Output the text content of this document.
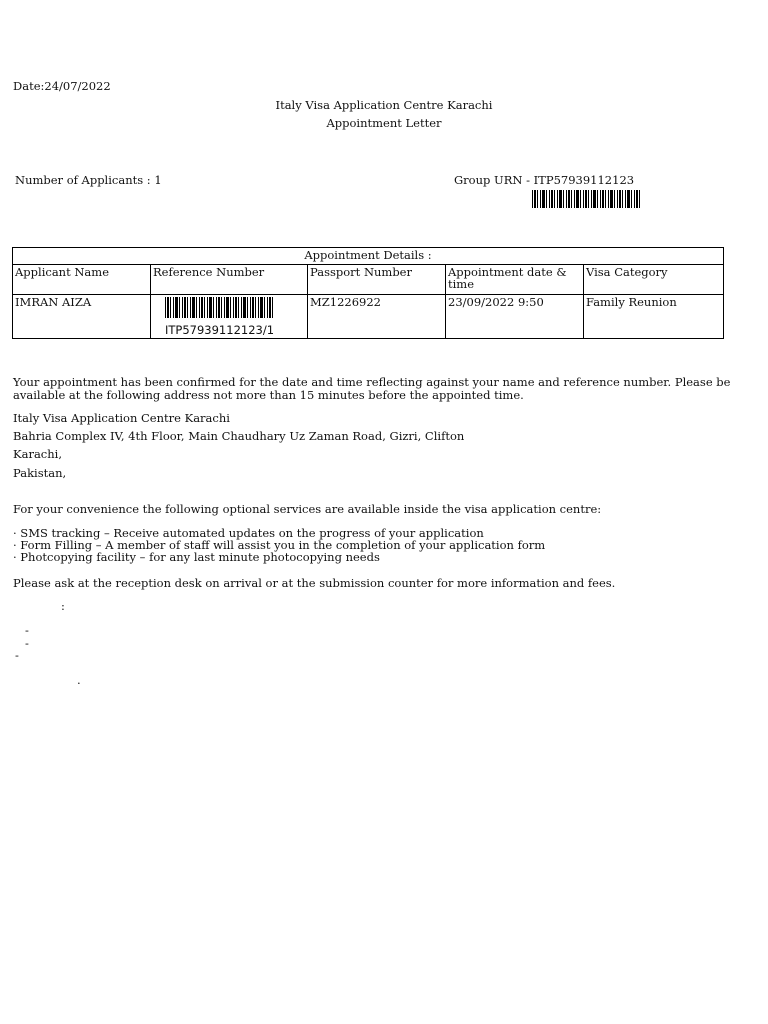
Date:24/07/2022
Italy Visa Application Centre Karachi
Appointment Letter
Number of Applicants : 1	Group URN - ITP57939112123
Appointment Details :				
Applicant Name	Reference Number	Passport Number	Appointment date & time	Visa Category
IMRAN AIZA	ITP57939112123/1	MZ1226922	23/09/2022 9:50	Family Reunion
Your appointment has been confirmed for the date and time reflecting against your name and reference number. Please be available at the following address not more than 15 minutes before the appointed time.
Italy Visa Application Centre Karachi
Bahria Complex IV, 4th Floor, Main Chaudhary Uz Zaman Road, Gizri, Clifton
Karachi,
Pakistan,
For your convenience the following optional services are available inside the visa application centre:
· SMS tracking – Receive automated updates on the progress of your application
· Form Filling – A member of staff will assist you in the completion of your application form
· Photcopying facility – for any last minute photocopying needs
Please ask at the reception desk on arrival or at the submission counter for more information and fees.
:
-
-
-
.
